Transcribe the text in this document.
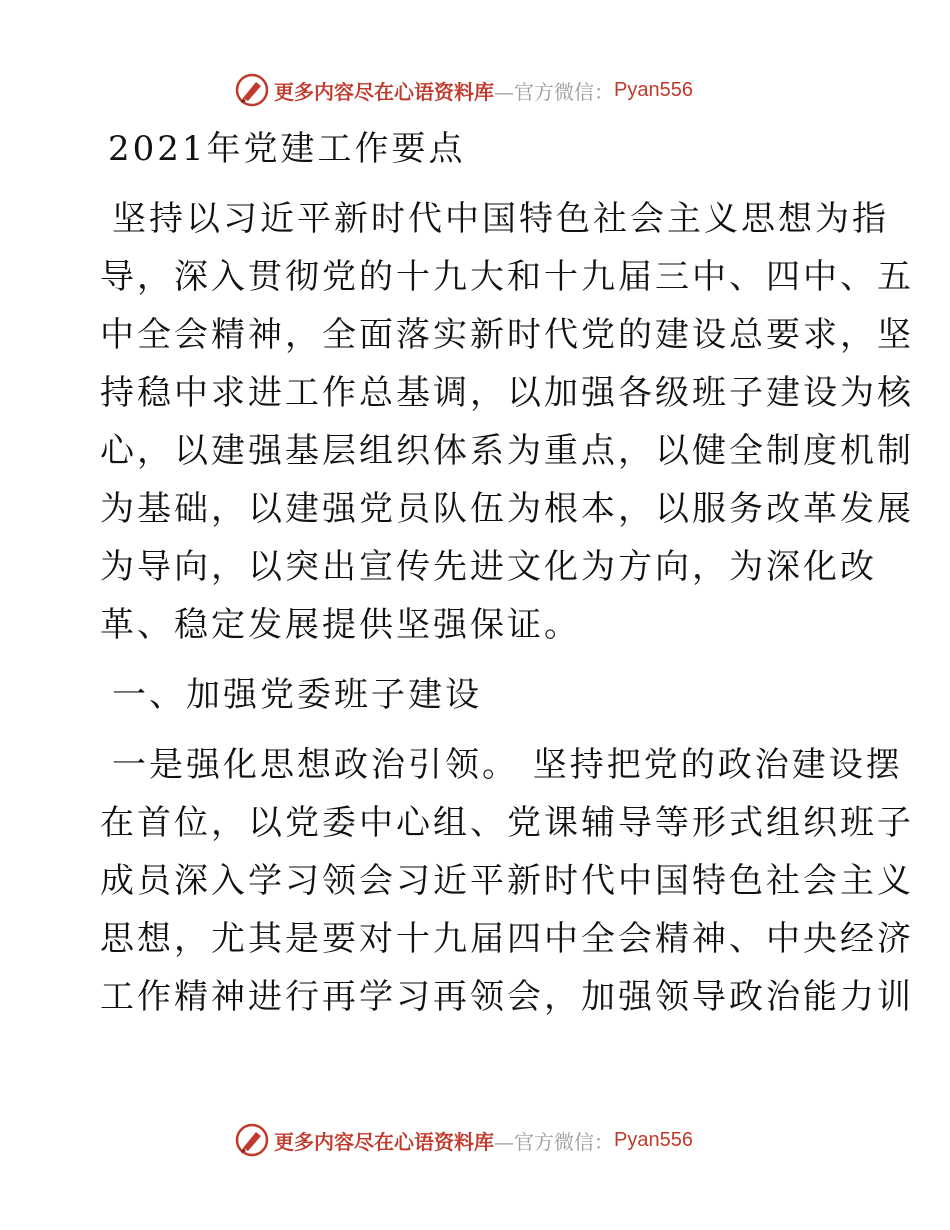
更多内容尽在心语资料库 —官方微信： Pyan556
2021年党建工作要点
坚持以习近平新时代中国特色社会主义思想为指
导，深入贯彻党的十九大和十九届三中、四中、五
中全会精神，全面落实新时代党的建设总要求，坚
持稳中求进工作总基调，以加强各级班子建设为核
心，以建强基层组织体系为重点，以健全制度机制
为基础，以建强党员队伍为根本，以服务改革发展
为导向，以突出宣传先进文化为方向，为深化改
革、稳定发展提供坚强保证。
一、加强党委班子建设
一是强化思想政治引领。 坚持把党的政治建设摆
在首位，以党委中心组、党课辅导等形式组织班子
成员深入学习领会习近平新时代中国特色社会主义
思想，尤其是要对十九届四中全会精神、中央经济
工作精神进行再学习再领会，加强领导政治能力训
更多内容尽在心语资料库 —官方微信： Pyan556
